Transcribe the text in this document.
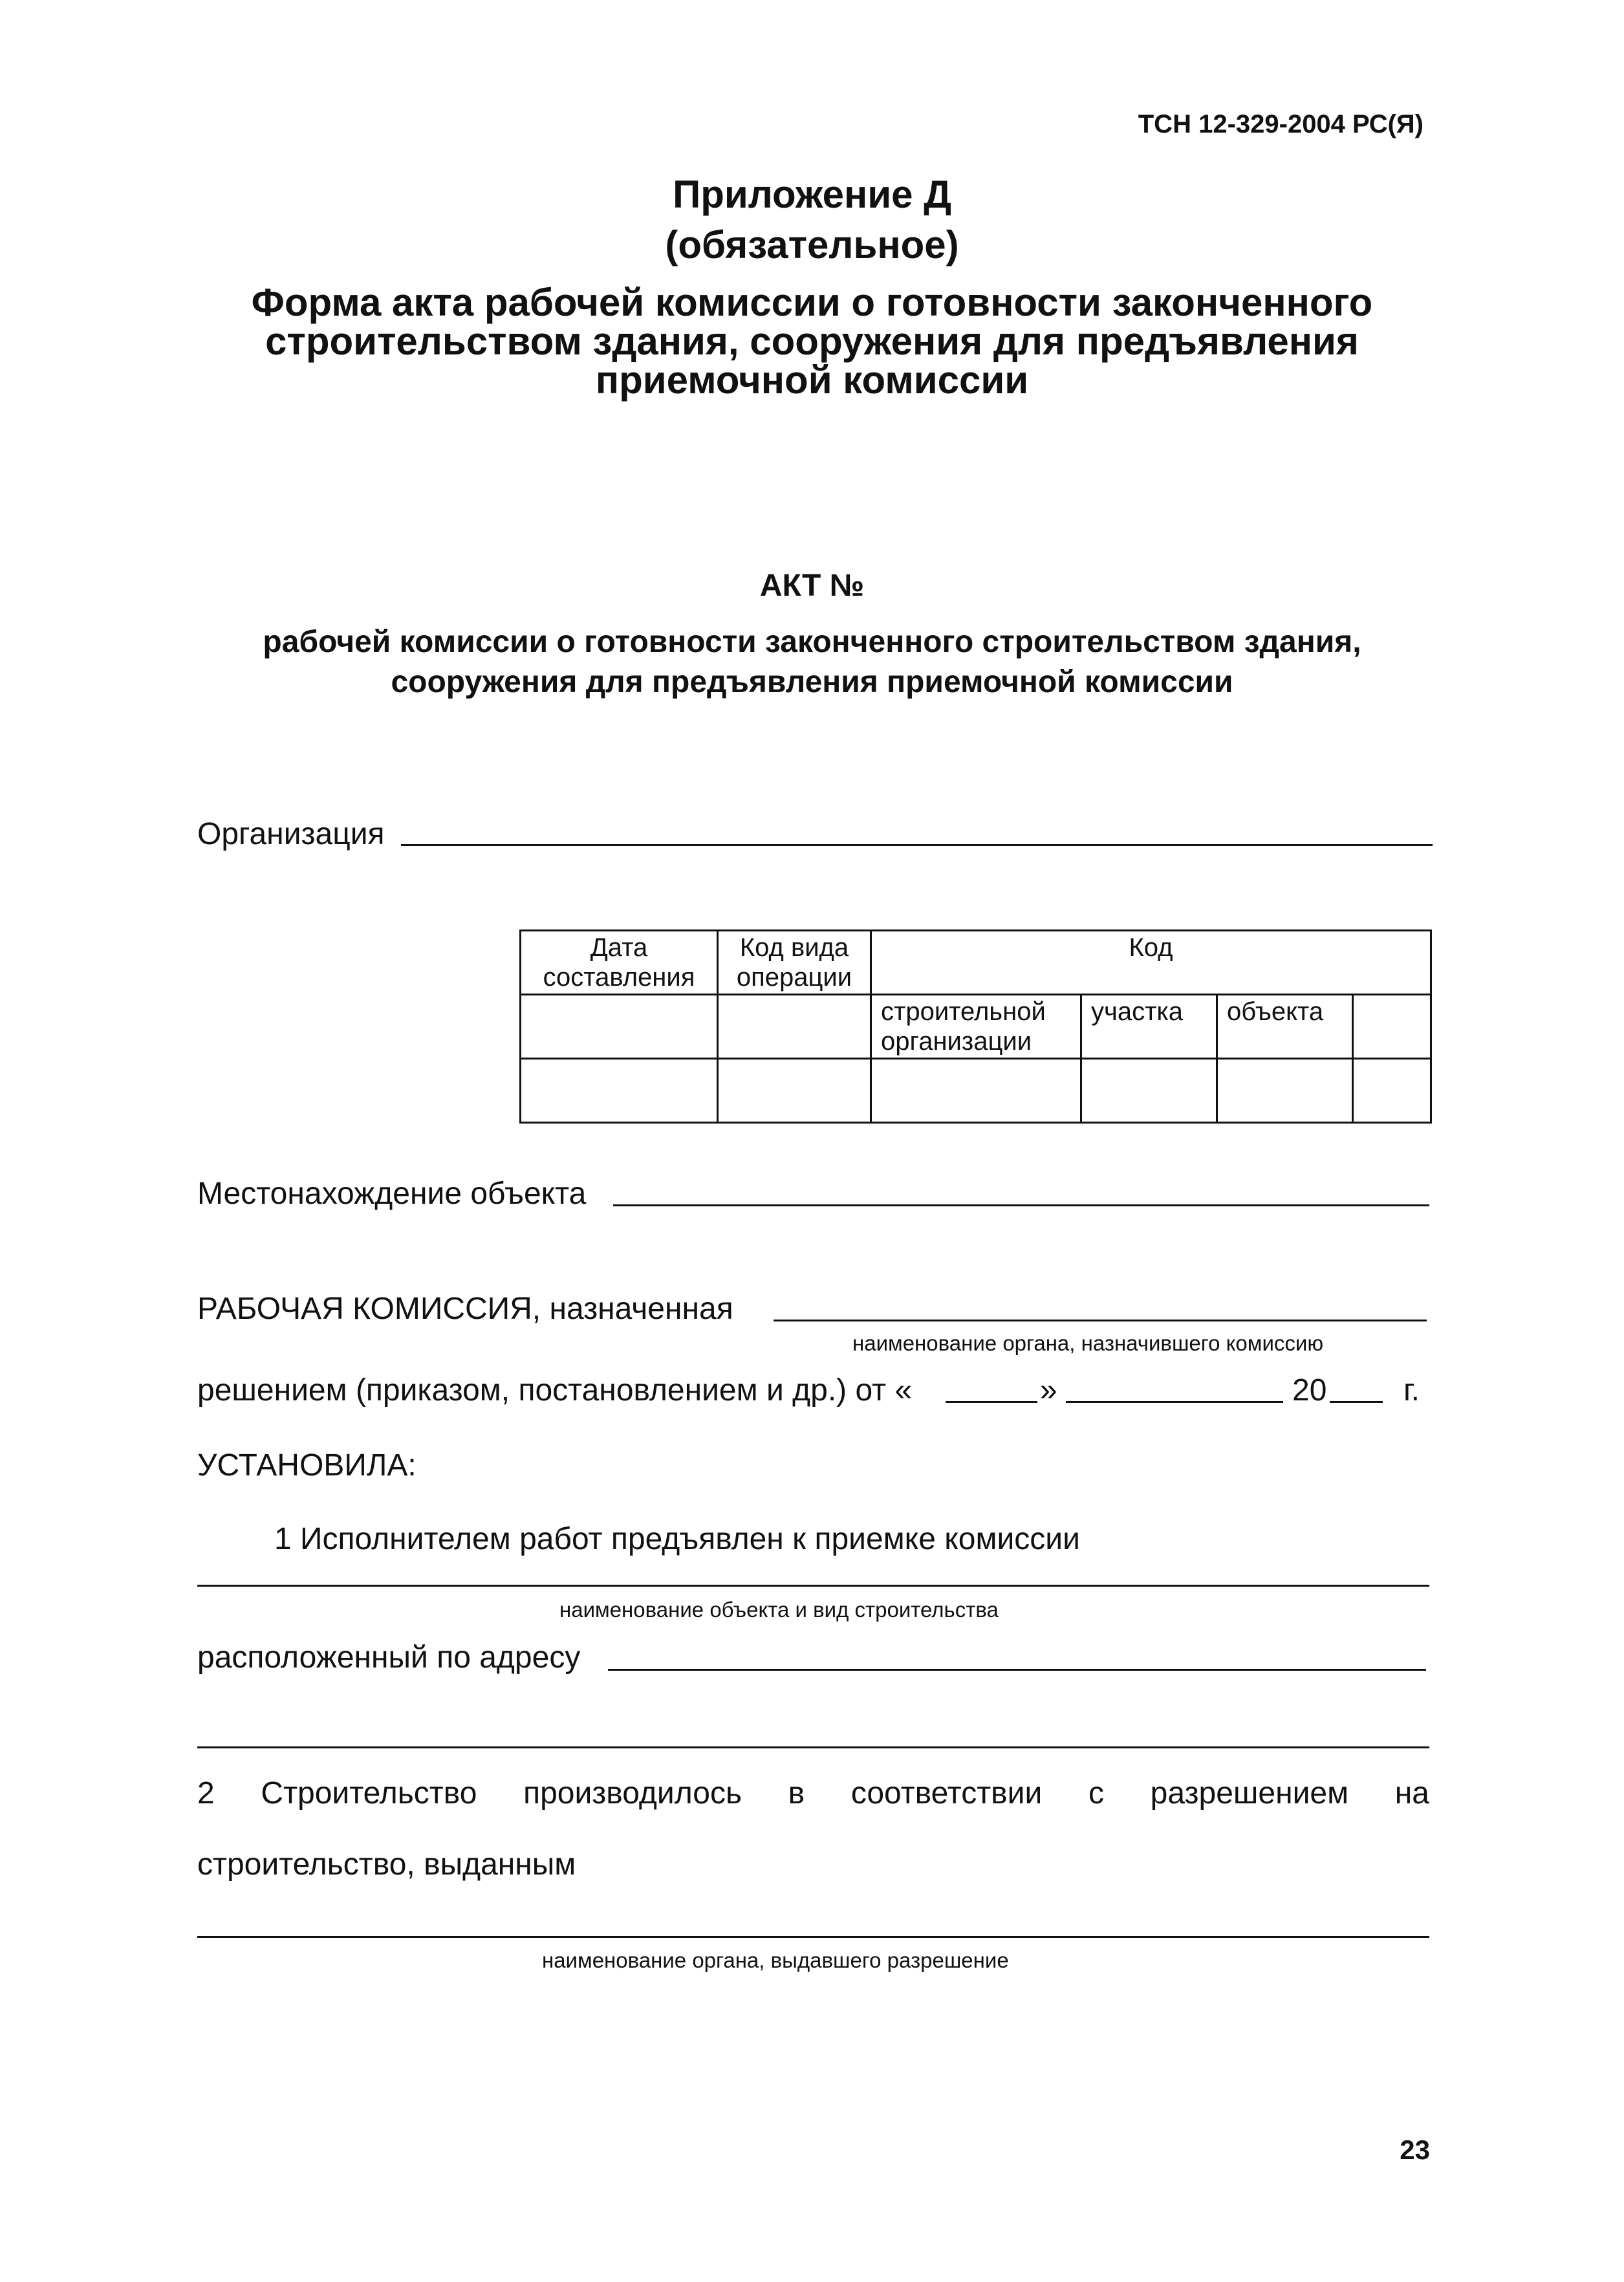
ТСН 12-329-2004 РС(Я)
Приложение Д
(обязательное)
Форма акта рабочей комиссии о готовности законченного
строительством здания, сооружения для предъявления
приемочной комиссии
АКТ №
рабочей комиссии о готовности законченного строительством здания,
сооружения для предъявления приемочной комиссии
Организация
Дата составления	Код вида операции	Код			
		строительной организации	участка	объекта	

Местонахождение объекта
РАБОЧАЯ КОМИССИЯ, назначенная
наименование органа, назначившего комиссию
решением (приказом, постановлением и др.) от «	»	20 г.
УСТАНОВИЛА:
1 Исполнителем работ предъявлен к приемке комиссии
наименование объекта и вид строительства
расположенный по адресу
2 Строительство производилось в соответствии с разрешением на
строительство, выданным
наименование органа, выдавшего разрешение
23
